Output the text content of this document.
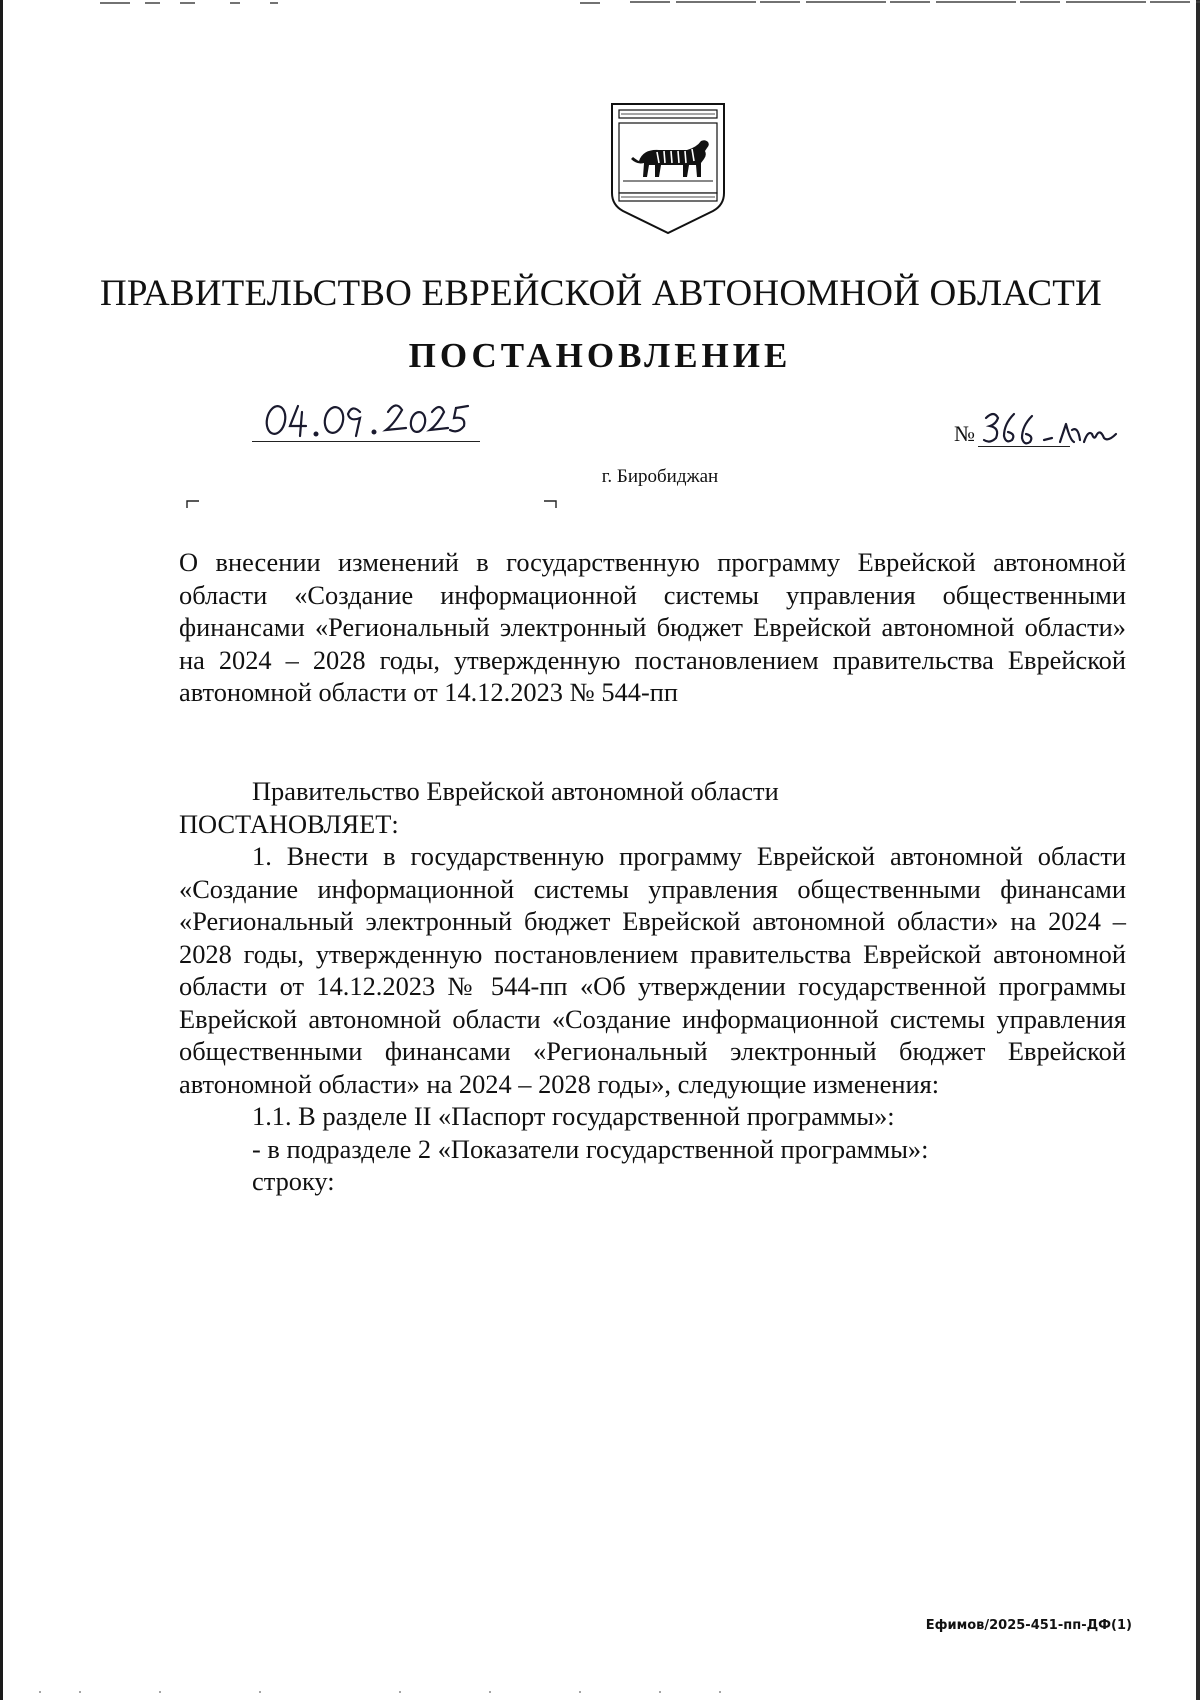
ПРАВИТЕЛЬСТВО ЕВРЕЙСКОЙ АВТОНОМНОЙ ОБЛАСТИ
ПОСТАНОВЛЕНИЕ
№
г. Биробиджан
О внесении изменений в государственную программу Еврейской автономной области «Создание информационной системы управления общественными финансами «Региональный электронный бюджет Еврейской автономной области» на 2024 – 2028 годы, утвержденную постановлением правительства Еврейской автономной области от 14.12.2023 № 544-пп

Правительство Еврейской автономной области

ПОСТАНОВЛЯЕТ:

1. Внести в государственную программу Еврейской автономной области «Создание информационной системы управления общественными финансами «Региональный электронный бюджет Еврейской автономной области» на 2024 – 2028 годы, утвержденную постановлением правительства Еврейской автономной области от 14.12.2023 № 544-пп «Об утверждении государственной программы Еврейской автономной области «Создание информационной системы управления общественными финансами «Региональный электронный бюджет Еврейской автономной области» на 2024 – 2028 годы», следующие изменения:

1.1. В разделе II «Паспорт государственной программы»:

- в подразделе 2 «Показатели государственной программы»:

строку:

Ефимов/2025-451-пп-ДФ(1)
